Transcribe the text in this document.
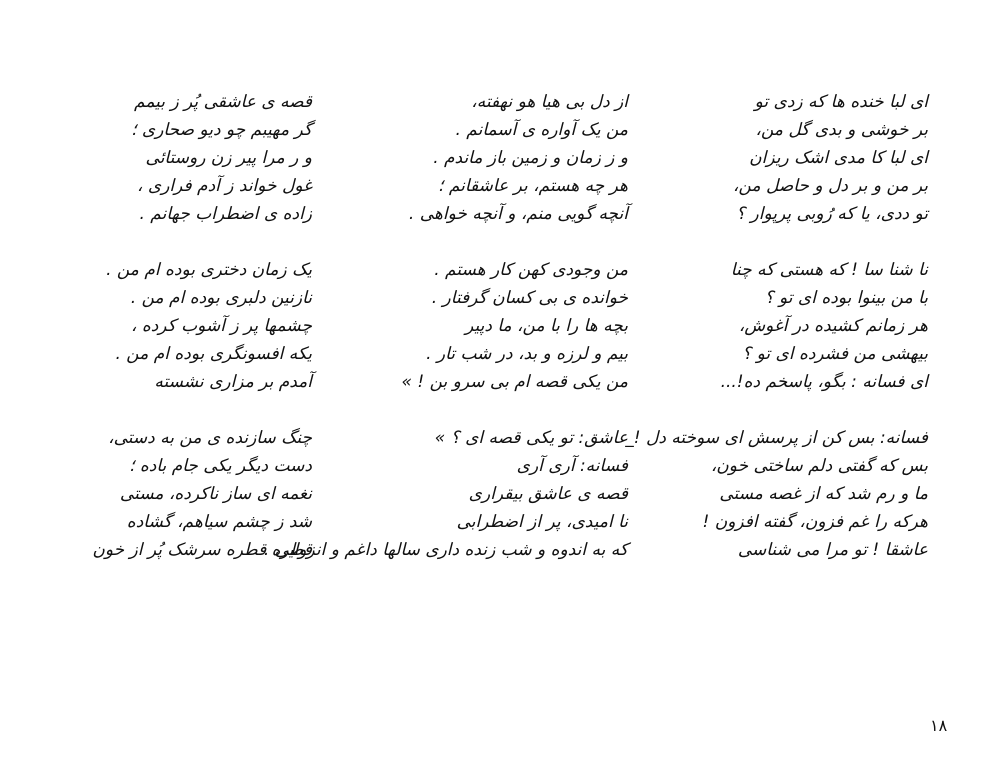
ای لبا خنده ها که زدی تو
بر خوشی و بدی گل من،
ای لبا کا مدی اشک ریزان
بر من و بر دل و حاصل من،
تو ددی، یا که رُوبی پرپوار ؟
نا شنا سا ! که هستی که چنا
با من بینوا بوده ای تو ؟
هر زمانم کشیده در آغوش،
بیهشی من فشرده ای تو ؟
ای فسانه : بگو، پاسخم ده!...
فسانه: بس کن از پرسش ای سوخته دل !_
بس که گفتی دلم ساختی خون،
ما و رم شد که از غصه مستی
هرکه را غم فزون، گفته افزون !
عاشقا ! تو مرا می شناسی
از دل بی هیا هو نهفته،
من یک آواره ی آسمانم .
و ز زمان و زمین باز ماندم .
هر چه هستم، بر عاشقانم ؛
آنچه گویی منم، و آنچه خواهی .
من وجودی کهن کار هستم .
خوانده ی بی کسان گرفتار .
بچه ها را با من، ما دپیر
بیم و لرزه و بد، در شب تار .
من یکی قصه ام بی سرو بن ! »
عاشق: تو یکی قصه ای ؟ »
فسانه: آری آری
قصه ی عاشق بیقراری
نا امیدی، پر از اضطرابی
که به اندوه و شب زنده داری سالها داغم و انزوایی .
قصه ی عاشقی پُر ز بیمم
گر مهیبم چو دیو صحاری ؛
و ر مرا پیر زن روستائی
غول خواند ز آدم فراری ،
زاده ی اضطراب جهانم .
یک زمان دختری بوده ام من .
نازنین دلبری بوده ام من .
چشمها پر ز آشوب کرده ،
یکه افسونگری بوده ام من .
آمدم بر مزاری نشسته
چنگ سازنده ی من به دستی،
دست دیگر یکی جام باده ؛
نغمه ای ساز ناکرده، مستی
شد ز چشم سیاهم، گشاده
قطره قطره سرشک پُر از خون
۱۸
